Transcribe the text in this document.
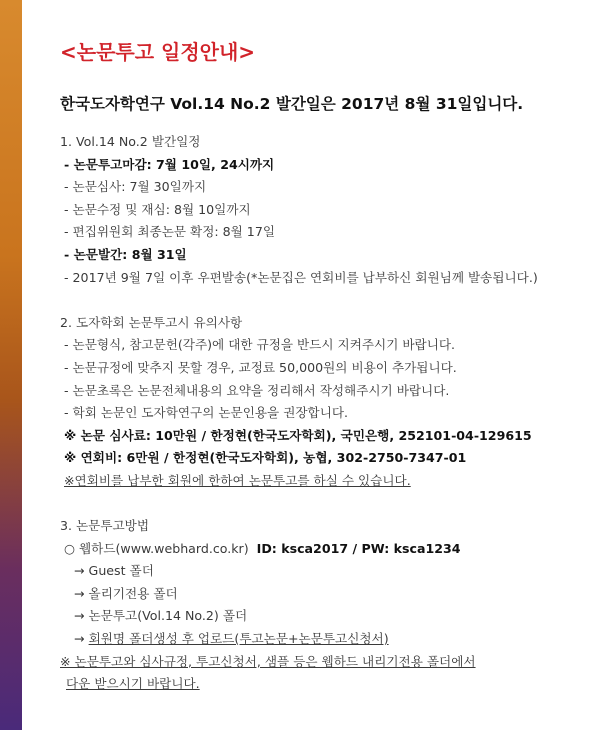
<논문투고 일정안내>
한국도자학연구 Vol.14 No.2 발간일은 2017년 8월 31일입니다.
1. Vol.14 No.2 발간일정
- 논문투고마감: 7월 10일, 24시까지
- 논문심사: 7월 30일까지
- 논문수정 및 재심: 8월 10일까지
- 편집위원회 최종논문 확정: 8월 17일
- 논문발간: 8월 31일
- 2017년 9월 7일 이후 우편발송(*논문집은 연회비를 납부하신 회원님께 발송됩니다.)
2. 도자학회 논문투고시 유의사항
- 논문형식, 참고문헌(각주)에 대한 규정을 반드시 지켜주시기 바랍니다.
- 논문규정에 맞추지 못할 경우, 교정료 50,000원의 비용이 추가됩니다.
- 논문초록은 논문전체내용의 요약을 정리해서 작성해주시기 바랍니다.
- 학회 논문인 도자학연구의 논문인용을 권장합니다.
※ 논문 심사료: 10만원 / 한정현(한국도자학회), 국민은행, 252101-04-129615
※ 연회비: 6만원 / 한정현(한국도자학회), 농협, 302-2750-7347-01
※연회비를 납부한 회원에 한하여 논문투고를 하실 수 있습니다.
3. 논문투고방법
○ 웹하드(www.webhard.co.kr) ID: ksca2017 / PW: ksca1234
→ Guest 폴더
→ 올리기전용 폴더
→ 논문투고(Vol.14 No.2) 폴더
→ 회원명 폴더생성 후 업로드(투고논문+논문투고신청서)
※ 논문투고와 심사규정, 투고신청서, 샘플 등은 웹하드 내리기전용 폴더에서
다운 받으시기 바랍니다.
